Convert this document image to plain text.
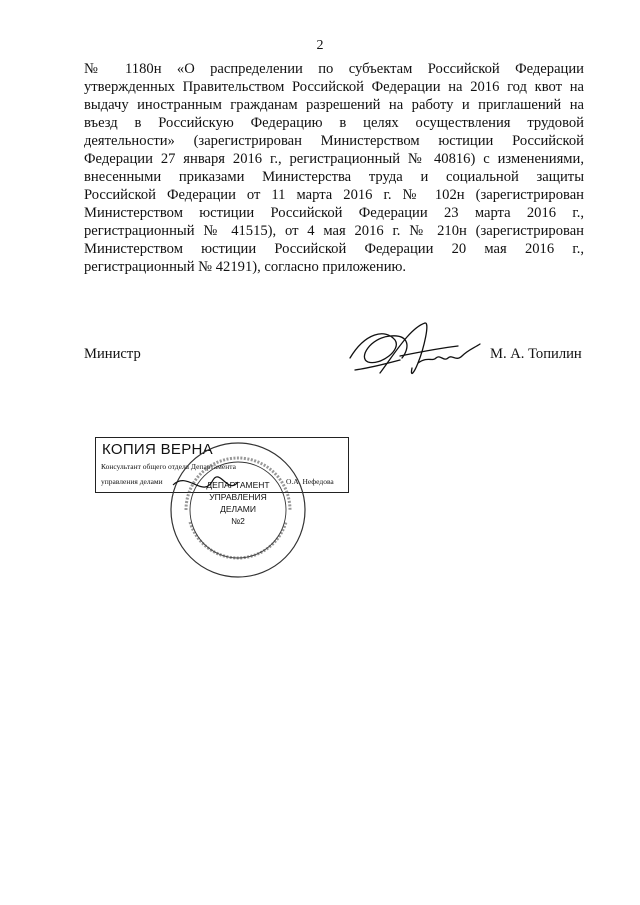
2
№ 1180н «О распределении по субъектам Российской Федерации
утвержденных Правительством Российской Федерации на 2016 год квот на
выдачу иностранным гражданам разрешений на работу и приглашений на
въезд в Российскую Федерацию в целях осуществления трудовой
деятельности» (зарегистрирован Министерством юстиции Российской
Федерации 27 января 2016 г., регистрационный № 40816) с изменениями,
внесенными приказами Министерства труда и социальной защиты
Российской Федерации от 11 марта 2016 г. № 102н (зарегистрирован
Министерством юстиции Российской Федерации 23 марта 2016 г.,
регистрационный № 41515), от 4 мая 2016 г. № 210н (зарегистрирован
Министерством юстиции Российской Федерации 20 мая 2016 г.,
регистрационный № 42191), согласно приложению.
Министр	М. А. Топилин
КОПИЯ ВЕРНА
Консультант общего отдела Департамента
управления делами	О.А. Нефедова
ДЕПАРТАМЕНТ
УПРАВЛЕНИЯ
ДЕЛАМИ
№2
